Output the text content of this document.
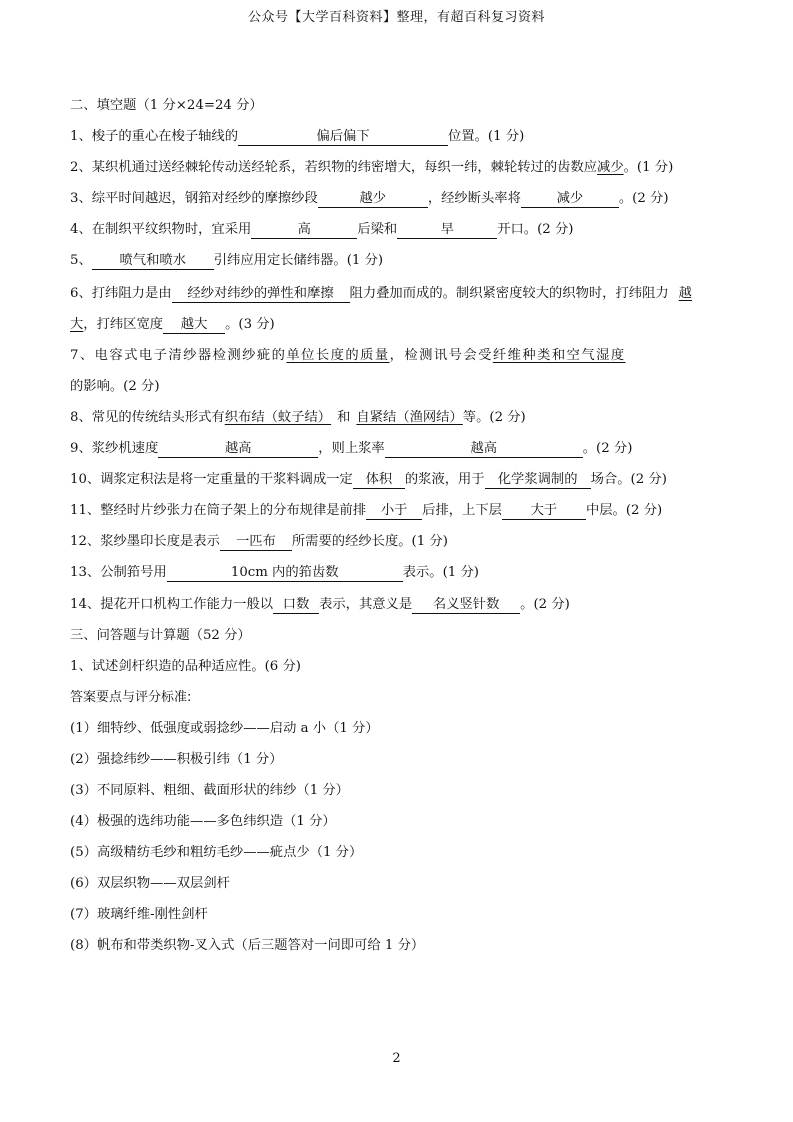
公众号【大学百科资料】整理，有超百科复习资料
二、填空题（1 分×24=24 分）
1、梭子的重心在梭子轴线的	偏后偏下	位置。(1 分)
2、某织机通过送经棘轮传动送经轮系，若织物的纬密增大，每织一纬，棘轮转过的齿数应减少。(1 分)
3、综平时间越迟，钢筘对经纱的摩擦纱段	越少	，经纱断头率将	减少	。(2 分)
4、在制织平纹织物时，宜采用	高	后梁和	早	开口。(2 分)
5、 喷气和喷水 引纬应用定长储纬器。(1 分)
6、打纬阻力是由 经纱对纬纱的弹性和摩擦 阻力叠加而成的。制织紧密度较大的织物时，打纬阻力 越
大，打纬区宽度 越大 。(3 分)
7、电容式电子清纱器检测纱疵的单位长度的质量，检测讯号会受纤维种类和空气湿度
的影响。(2 分)
8、常见的传统结头形式有织布结（蚊子结） 和 自紧结（渔网结）等。(2 分)
9、浆纱机速度	越高	，则上浆率	越高	。(2 分)
10、调浆定积法是将一定重量的干浆料调成一定 体积 的浆液，用于 化学浆调制的 场合。(2 分)
11、整经时片纱张力在筒子架上的分布规律是前排 小于 后排，上下层 大于 中层。(2 分)
12、浆纱墨印长度是表示 一匹布 所需要的经纱长度。(1 分)
13、公制筘号用	10cm 内的筘齿数	表示。(1 分)
14、提花开口机构工作能力一般以 口数 表示，其意义是 名义竖针数 。(2 分)
三、问答题与计算题（52 分）
1、试述剑杆织造的品种适应性。(6 分)
答案要点与评分标准:
(1）细特纱、低强度或弱捻纱——启动 a 小（1 分）
(2）强捻纬纱——积极引纬（1 分）
(3）不同原料、粗细、截面形状的纬纱（1 分）
(4）极强的选纬功能——多色纬织造（1 分）
(5）高级精纺毛纱和粗纺毛纱——疵点少（1 分）
(6）双层织物——双层剑杆
(7）玻璃纤维-刚性剑杆
(8）帆布和带类织物-叉入式（后三题答对一问即可给 1 分）
2
